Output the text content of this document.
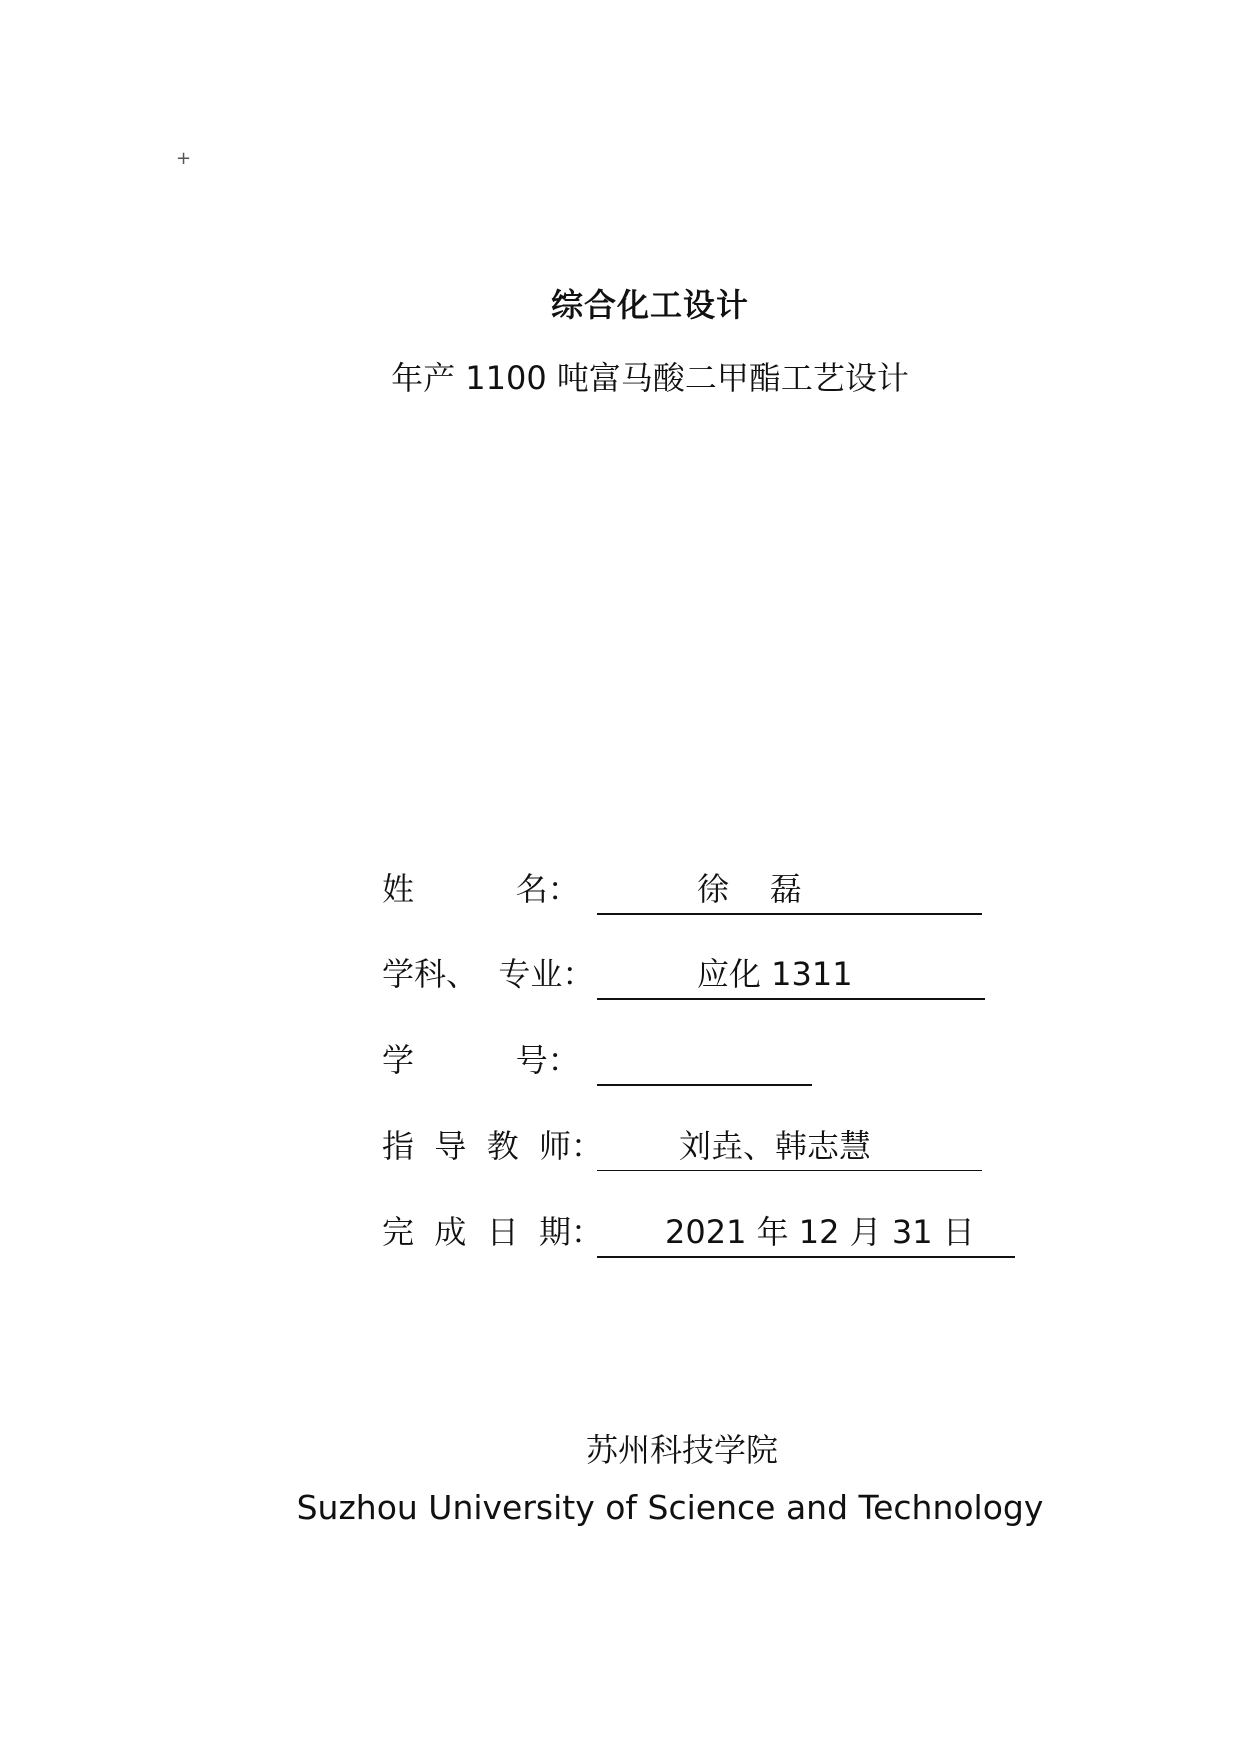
+
综合化工设计
年产 1100 吨富马酸二甲酯工艺设计
姓          名：	徐    磊
学科、  专业：	应化 1311
学          号：
指  导  教  师：	刘垚、韩志慧
完  成  日  期：	2021 年 12 月 31 日
苏州科技学院
Suzhou University of Science and Technology
